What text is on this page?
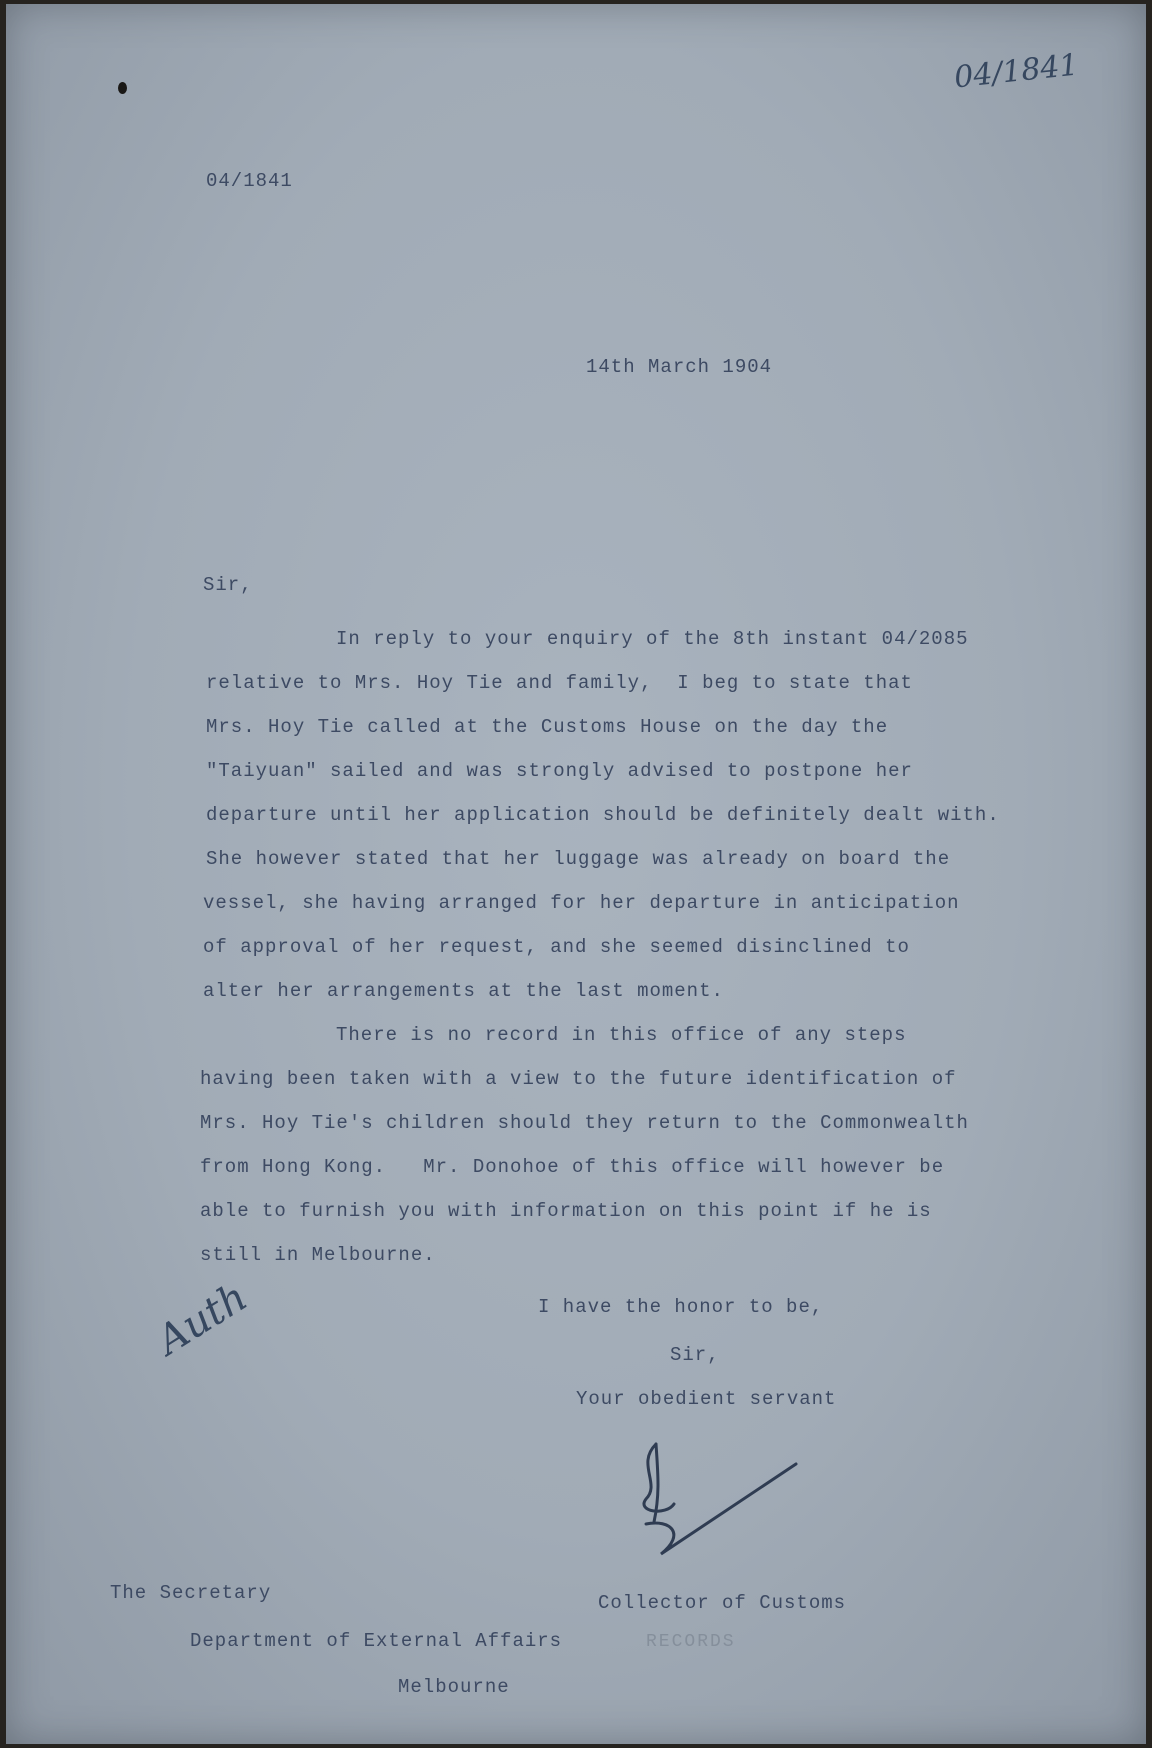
04/1841
04/1841
14th March 1904
Sir,
In reply to your enquiry of the 8th instant 04/2085
relative to Mrs. Hoy Tie and family,  I beg to state that
Mrs. Hoy Tie called at the Customs House on the day the
"Taiyuan" sailed and was strongly advised to postpone her
departure until her application should be definitely dealt with.
She however stated that her luggage was already on board the
vessel, she having arranged for her departure in anticipation
of approval of her request, and she seemed disinclined to
alter her arrangements at the last moment.
There is no record in this office of any steps
having been taken with a view to the future identification of
Mrs. Hoy Tie's children should they return to the Commonwealth
from Hong Kong.   Mr. Donohoe of this office will however be
able to furnish you with information on this point if he is
still in Melbourne.
Auth	I have the honor to be,
Sir,
Your obedient servant
The Secretary	Collector of Customs
Department of External Affairs	RECORDS
Melbourne
